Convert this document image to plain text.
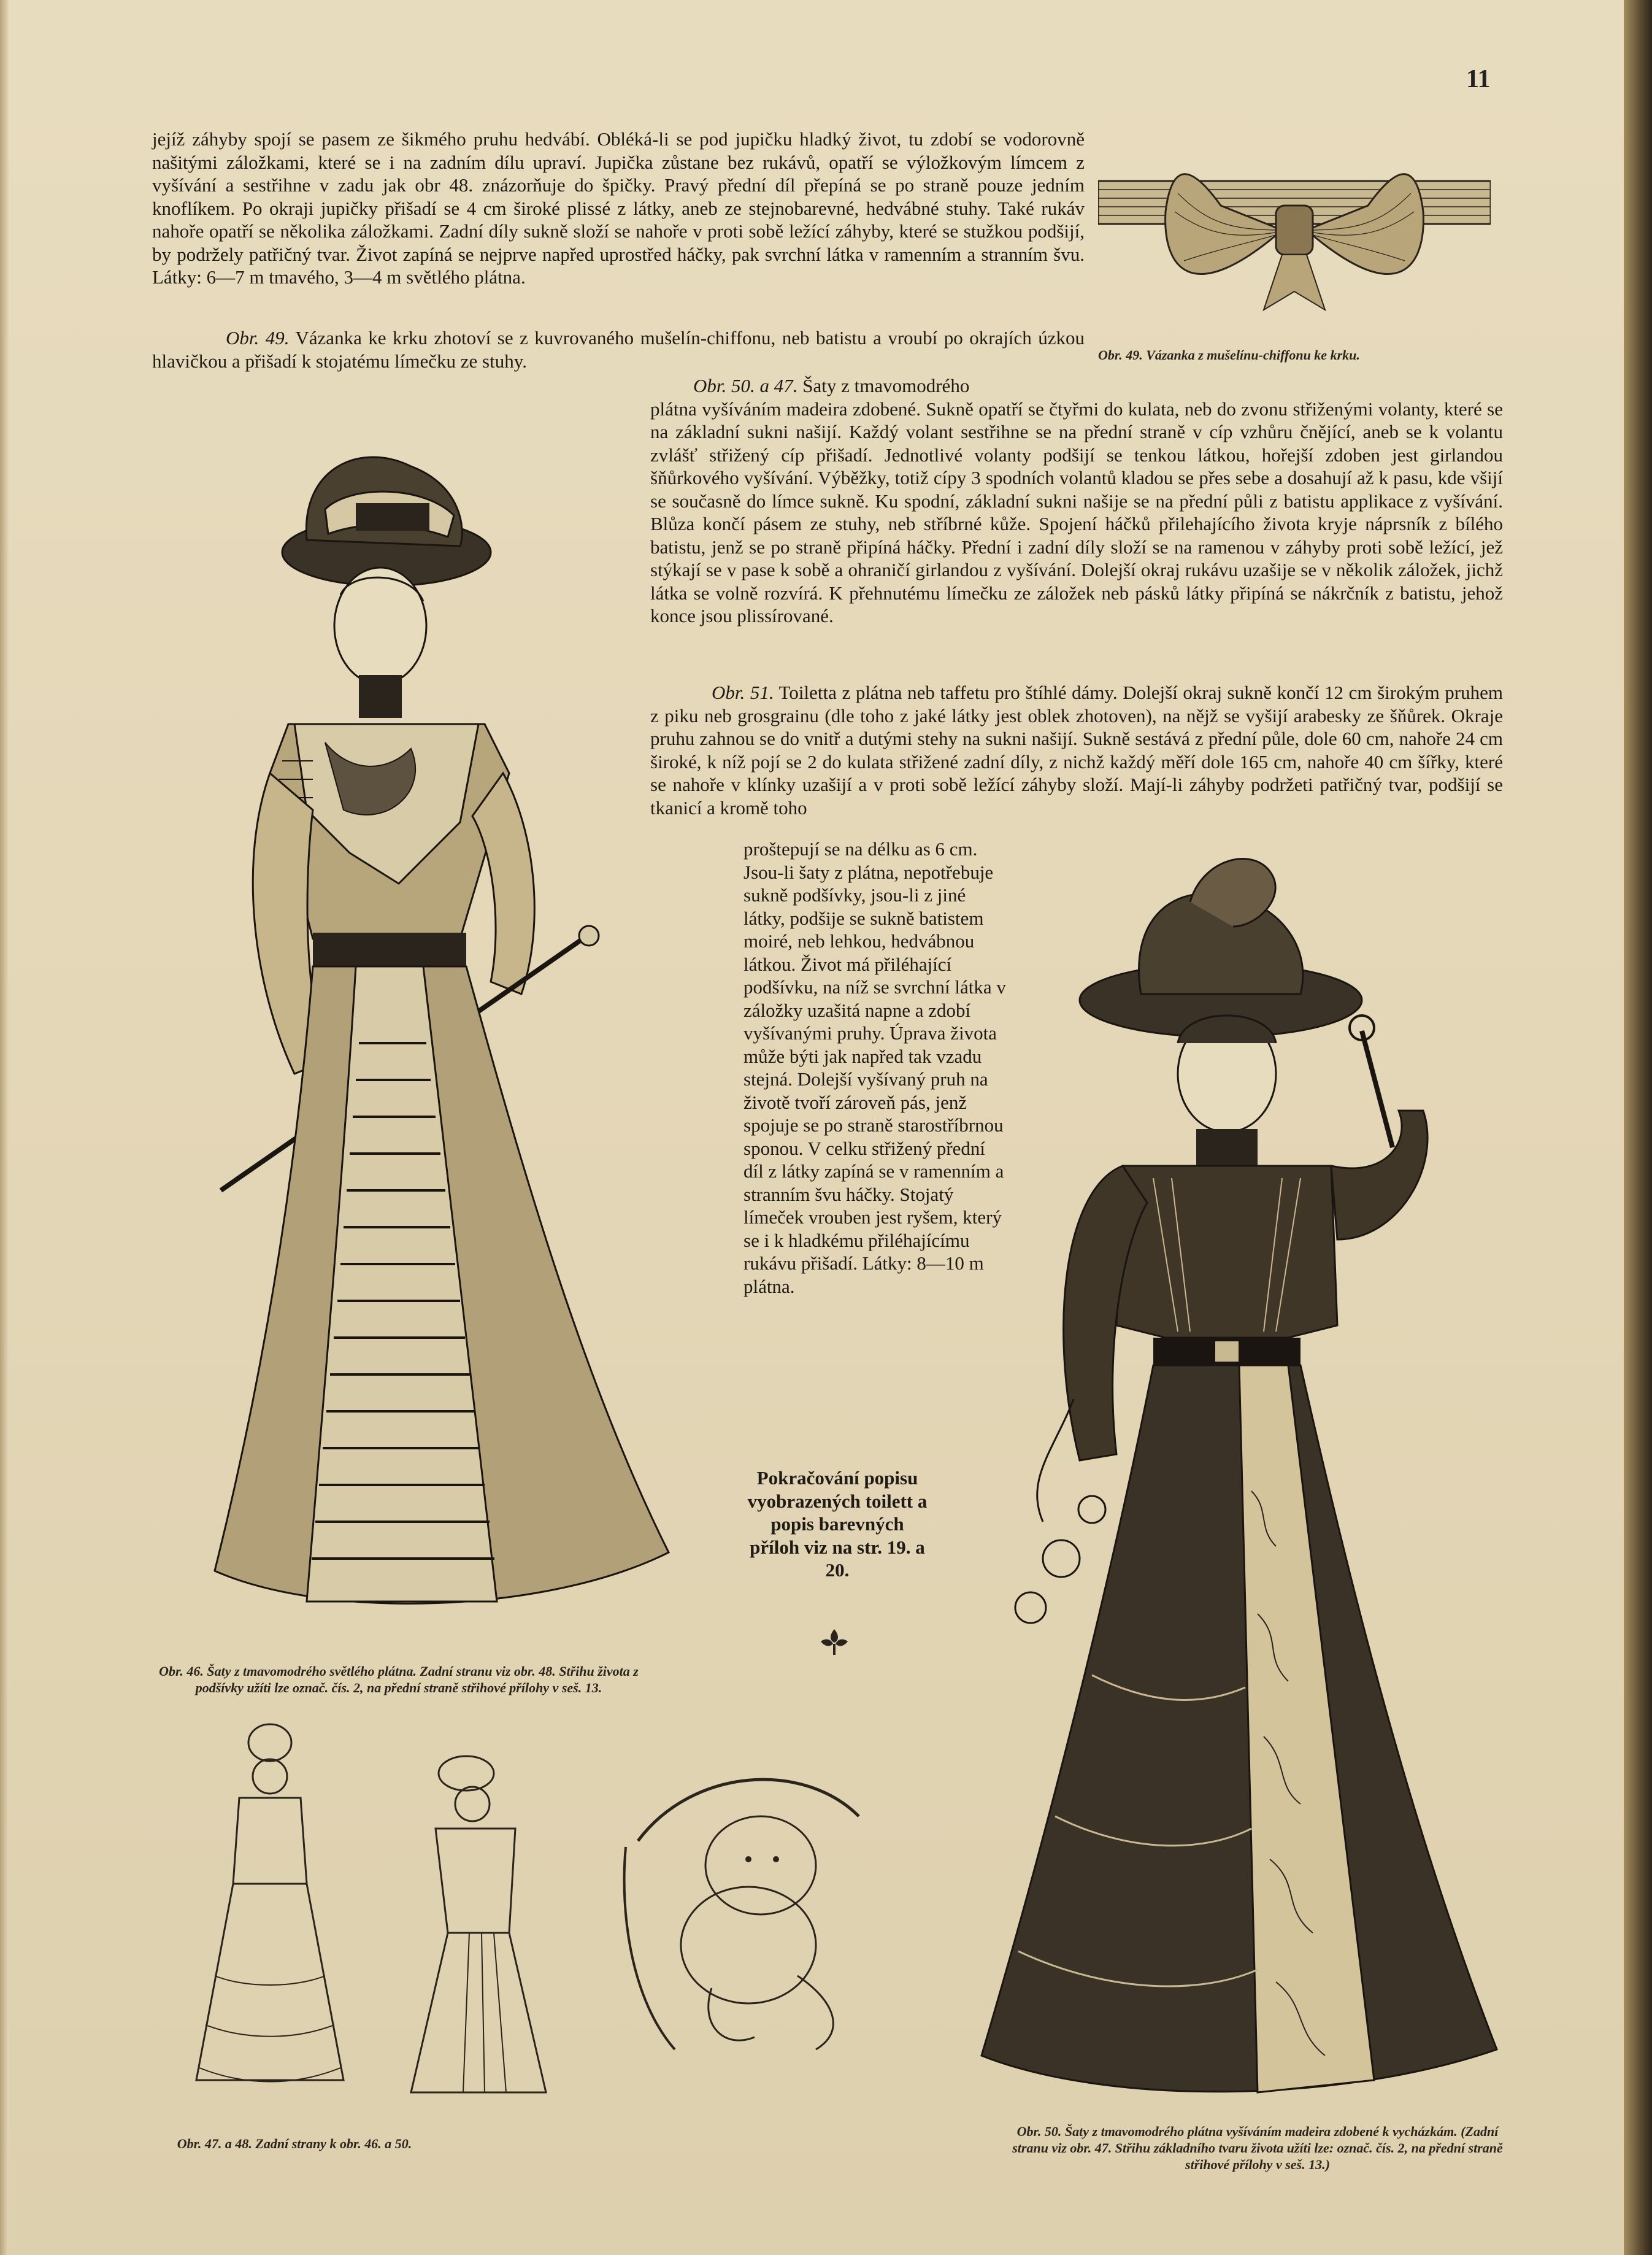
11

jejíž záhyby spojí se pasem ze šikmého pruhu hedvábí. Obléká-li se pod jupičku hladký život, tu zdobí se vodorovně našitými záložkami, které se i na zadním dílu upraví. Jupička zůstane bez rukávů, opatří se výložkovým límcem z vyšívání a sestřihne v zadu jak obr 48. znázorňuje do špičky. Pravý přední díl přepíná se po straně pouze jedním knoflíkem. Po okraji jupičky přišadí se 4 cm široké plissé z látky, aneb ze stejnobarevné, hedvábné stuhy. Také rukáv nahoře opatří se několika záložkami. Zadní díly sukně složí se nahoře v proti sobě ležící záhyby, které se stužkou podšijí, by podržely patřičný tvar. Život zapíná se nejprve napřed uprostřed háčky, pak svrchní látka v ramenním a stranním švu. Látky: 6—7 m tmavého, 3—4 m světlého plátna.

Obr. 49. Vázanka ke krku zhotoví se z kuvrovaného mušelín-chiffonu, neb batistu a vroubí po okrajích úzkou hlavičkou a přišadí k stojatému límečku ze stuhy.	Obr. 49. Vázanka z mušelínu-chiffonu ke krku.

Obr. 50. a 47. Šaty z tmavomodrého

plátna vyšíváním madeira zdobené. Sukně opatří se čtyřmi do kulata, neb do zvonu střiženými volanty, které se na základní sukni našijí. Každý volant sestřihne se na přední straně v cíp vzhůru čnějící, aneb se k volantu zvlášť střižený cíp přišadí. Jednotlivé volanty podšijí se tenkou látkou, hořejší zdoben jest girlandou šňůrkového vyšívání. Výběžky, totiž cípy 3 spodních volantů kladou se přes sebe a dosahují až k pasu, kde všijí se současně do límce sukně. Ku spodní, základní sukni našije se na přední půli z batistu applikace z vyšívání. Blůza končí pásem ze stuhy, neb stříbrné kůže. Spojení háčků přilehajícího života kryje náprsník z bílého batistu, jenž se po straně připíná háčky. Přední i zadní díly složí se na ramenou v záhyby proti sobě ležící, jež stýkají se v pase k sobě a ohraničí girlandou z vyšívání. Dolejší okraj rukávu uzašije se v několik záložek, jichž látka se volně rozvírá. K přehnutému límečku ze záložek neb pásků látky připíná se nákrčník z batistu, jehož konce jsou plissírované.

Obr. 51. Toiletta z plátna neb taffetu pro štíhlé dámy. Dolejší okraj sukně končí 12 cm širokým pruhem z piku neb grosgrainu (dle toho z jaké látky jest oblek zhotoven), na nějž se vyšijí arabesky ze šňůrek. Okraje pruhu zahnou se do vnitř a dutými stehy na sukni našijí. Sukně sestává z přední půle, dole 60 cm, nahoře 24 cm široké, k níž pojí se 2 do kulata střižené zadní díly, z nichž každý měří dole 165 cm, nahoře 40 cm šířky, které se nahoře v klínky uzašijí a v proti sobě ležící záhyby složí. Mají-li záhyby podržeti patřičný tvar, podšijí se tkanicí a kromě toho

proštepují se na délku as 6 cm. Jsou-li šaty z plátna, nepotřebuje sukně podšívky, jsou-li z jiné látky, podšije se sukně batistem moiré, neb lehkou, hedvábnou látkou. Život má přiléhající podšívku, na níž se svrchní látka v záložky uzašitá napne a zdobí vyšívanými pruhy. Úprava života může býti jak napřed tak vzadu stejná. Dolejší vyšívaný pruh na životě tvoří zároveň pás, jenž spojuje se po straně starostříbrnou sponou. V celku střižený přední díl z látky zapíná se v ramenním a stranním švu háčky. Stojatý límeček vrouben jest ryšem, který se i k hladkému přiléhajícímu rukávu přišadí. Látky: 8—10 m plátna.

Pokračování popisu vyobrazených toilett a popis barevných příloh viz na str. 19. a 20.

Obr. 46. Šaty z tmavomodrého světlého plátna. Zadní stranu viz obr. 48. Střihu života z podšívky užíti lze označ. čís. 2, na přední straně střihové přílohy v seš. 13.
Obr. 47. a 48. Zadní strany k obr. 46. a 50.
Obr. 50. Šaty z tmavomodrého plátna vyšíváním madeira zdobené k vycházkám. (Zadní stranu viz obr. 47. Střihu základního tvaru života užíti lze: označ. čís. 2, na přední straně střihové přílohy v seš. 13.)
